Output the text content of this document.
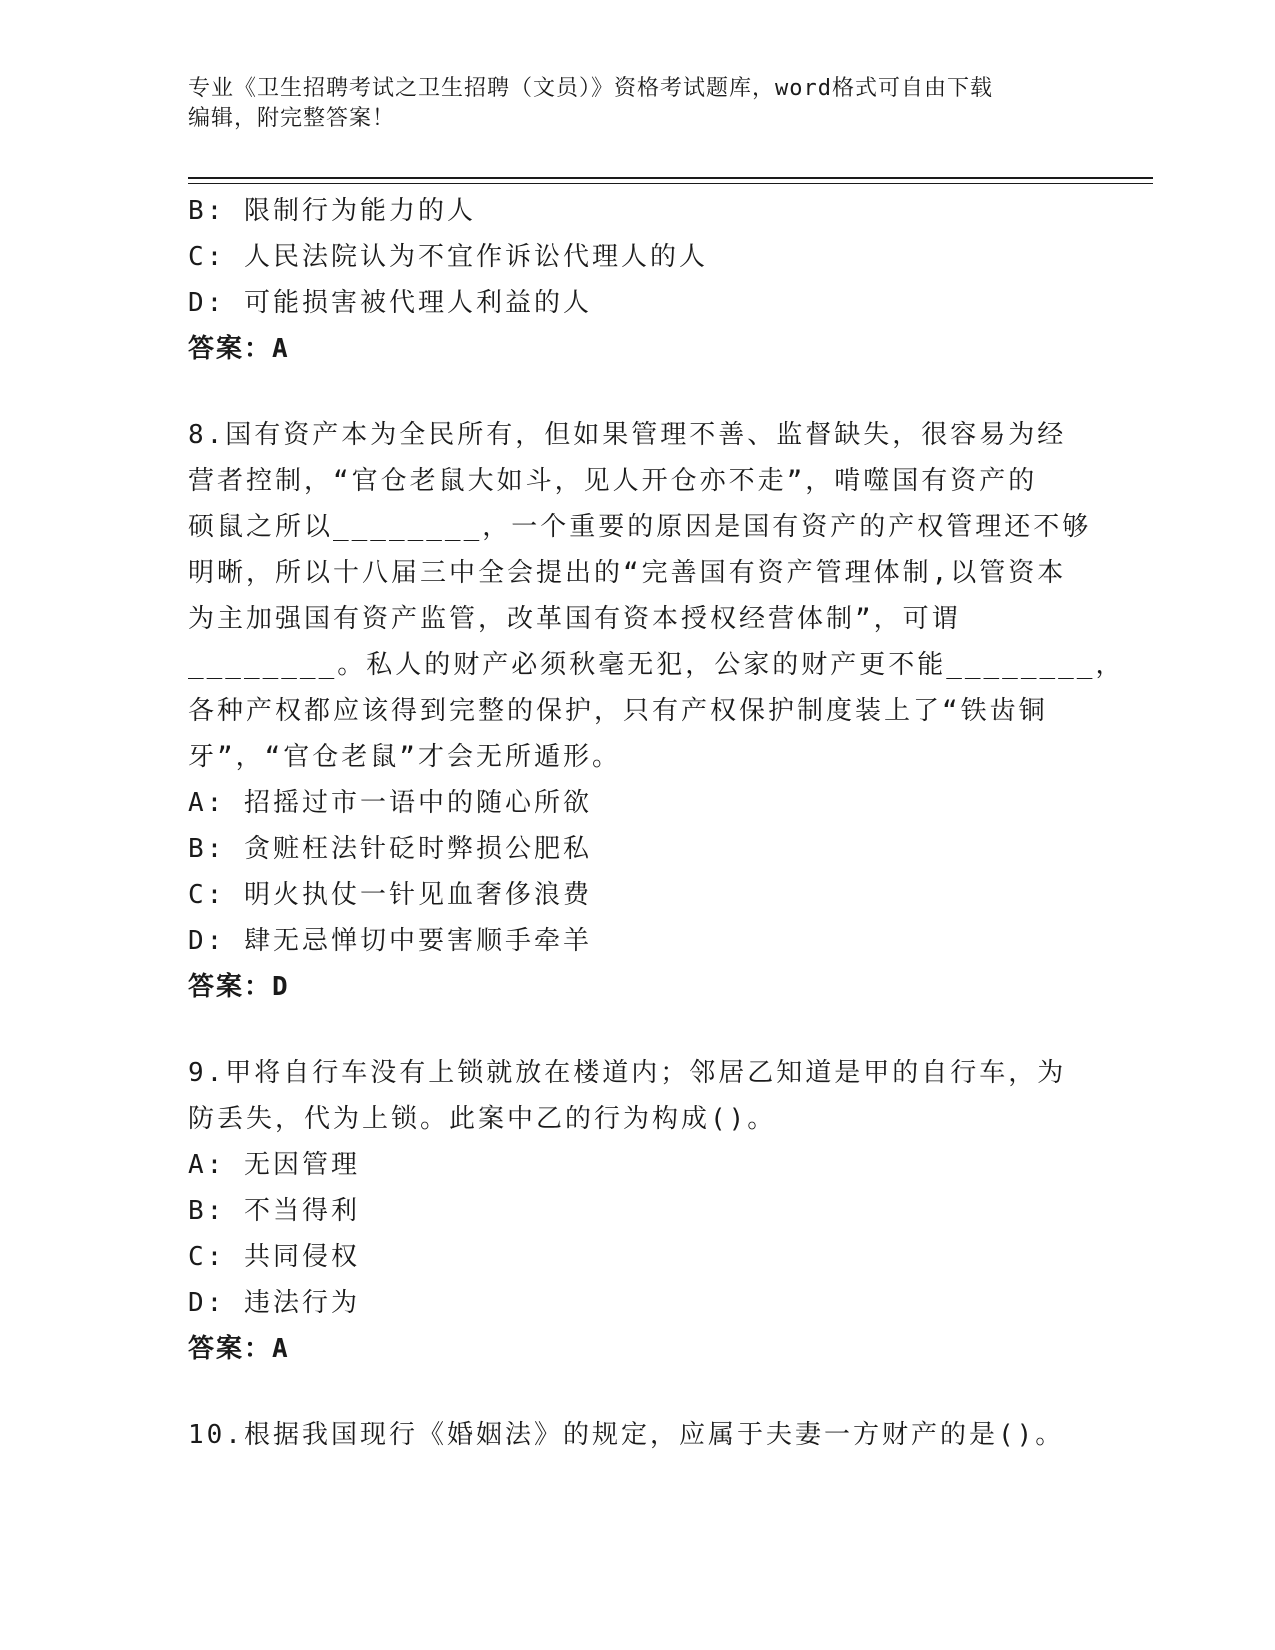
专业《卫生招聘考试之卫生招聘（文员）》资格考试题库，word格式可自由下载
编辑，附完整答案！
B: 限制行为能力的人
C: 人民法院认为不宜作诉讼代理人的人
D: 可能损害被代理人利益的人
答案：A
8.国有资产本为全民所有，但如果管理不善、监督缺失，很容易为经
营者控制，“官仓老鼠大如斗，见人开仓亦不走”，啃噬国有资产的
硕鼠之所以________，一个重要的原因是国有资产的产权管理还不够
明晰，所以十八届三中全会提出的“完善国有资产管理体制,以管资本
为主加强国有资产监管，改革国有资本授权经营体制”，可谓
________。私人的财产必须秋毫无犯，公家的财产更不能________，
各种产权都应该得到完整的保护，只有产权保护制度装上了“铁齿铜
牙”，“官仓老鼠”才会无所遁形。
A: 招摇过市一语中的随心所欲
B: 贪赃枉法针砭时弊损公肥私
C: 明火执仗一针见血奢侈浪费
D: 肆无忌惮切中要害顺手牵羊
答案：D
9.甲将自行车没有上锁就放在楼道内；邻居乙知道是甲的自行车，为
防丢失，代为上锁。此案中乙的行为构成()。
A: 无因管理
B: 不当得利
C: 共同侵权
D: 违法行为
答案：A
10.根据我国现行《婚姻法》的规定，应属于夫妻一方财产的是()。
